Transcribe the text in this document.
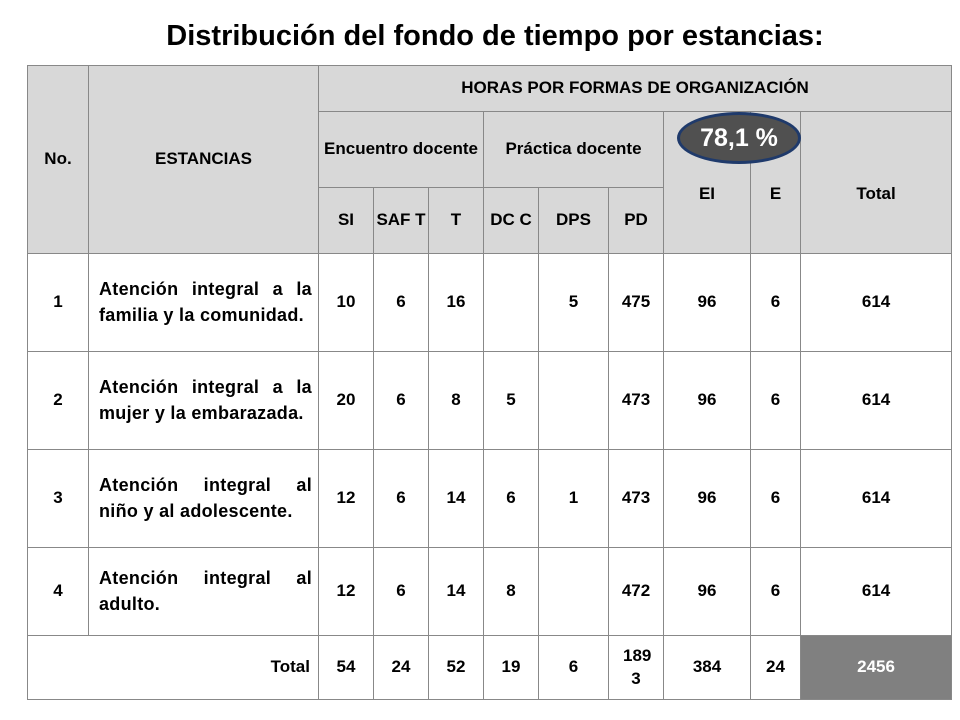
Distribución del fondo de tiempo por estancias:
No.	ESTANCIAS	HORAS POR FORMAS DE ORGANIZACIÓN								
		Encuentro docente			Práctica docente			EI	E	Total
		SI	SAF T	T	DC C	DPS	PD			
1	Atención integral a la familia y la comunidad.	10	6	16		5	475	96	6	614
2	Atención integral a la mujer y la embarazada.	20	6	8	5		473	96	6	614
3	Atención integral al niño y al adolescente.	12	6	14	6	1	473	96	6	614
4	Atención integral al adulto.	12	6	14	8		472	96	6	614
Total		54	24	52	19	6	189 3	384	24	2456
78,1 %
